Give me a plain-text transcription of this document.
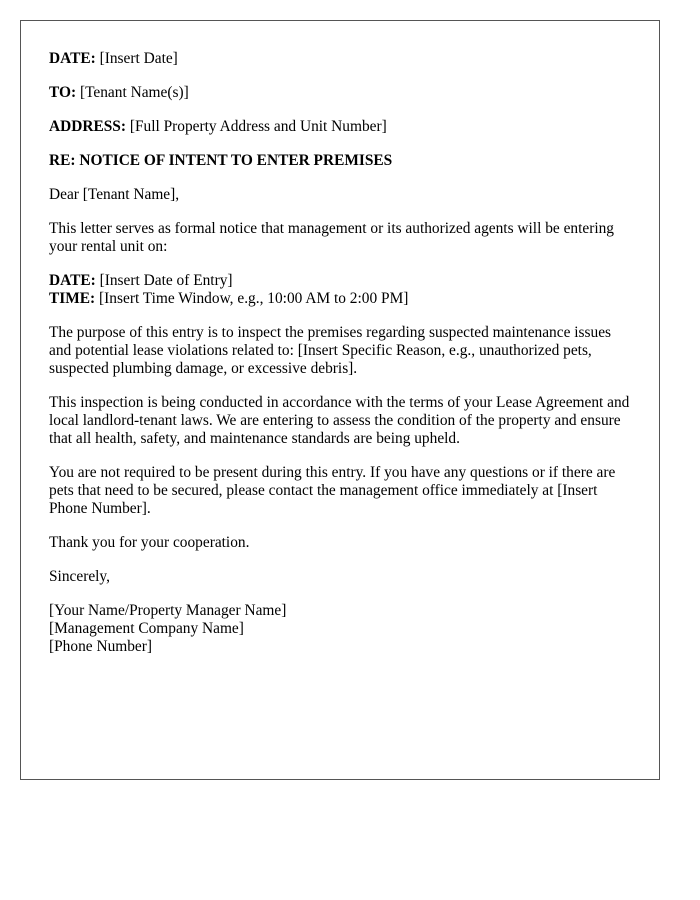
DATE: [Insert Date]

TO: [Tenant Name(s)]

ADDRESS: [Full Property Address and Unit Number]

RE: NOTICE OF INTENT TO ENTER PREMISES

Dear [Tenant Name],

This letter serves as formal notice that management or its authorized agents will be entering your rental unit on:

DATE: [Insert Date of Entry]
TIME: [Insert Time Window, e.g., 10:00 AM to 2:00 PM]

The purpose of this entry is to inspect the premises regarding suspected maintenance issues and potential lease violations related to: [Insert Specific Reason, e.g., unauthorized pets, suspected plumbing damage, or excessive debris].

This inspection is being conducted in accordance with the terms of your Lease Agreement and local landlord-tenant laws. We are entering to assess the condition of the property and ensure that all health, safety, and maintenance standards are being upheld.

You are not required to be present during this entry. If you have any questions or if there are pets that need to be secured, please contact the management office immediately at [Insert Phone Number].

Thank you for your cooperation.

Sincerely,

[Your Name/Property Manager Name]
[Management Company Name]
[Phone Number]
